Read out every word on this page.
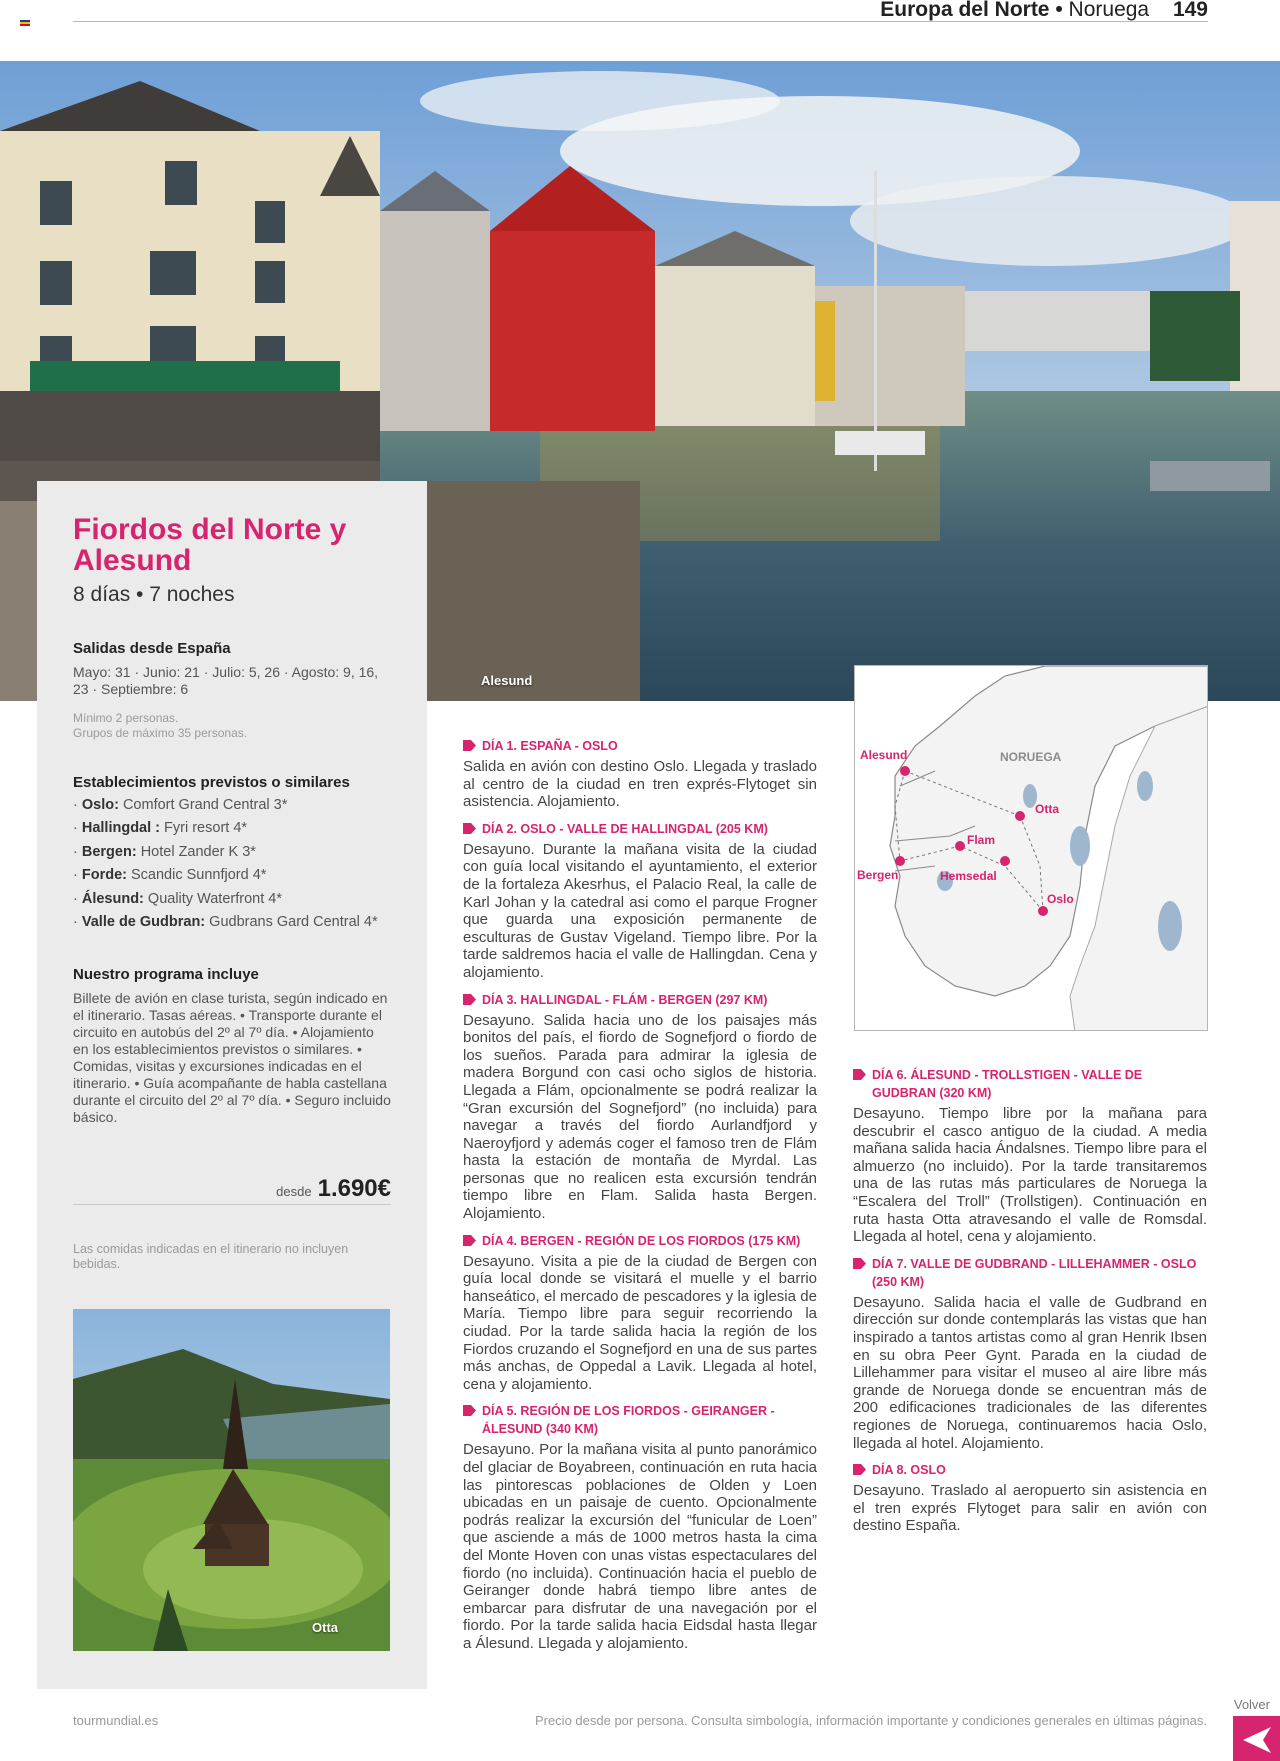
Europa del Norte • Noruega 149
Alesund
Fiordos del Norte y Alesund
8 días • 7 noches
Salidas desde España
Mayo: 31 · Junio: 21 · Julio: 5, 26 · Agosto: 9, 16, 23 · Septiembre: 6
Mínimo 2 personas.
Grupos de máximo 35 personas.
Establecimientos previstos o similares
· Oslo: Comfort Grand Central 3*
· Hallingdal : Fyri resort 4*
· Bergen: Hotel Zander K 3*
· Forde: Scandic Sunnfjord 4*
· Álesund: Quality Waterfront 4*
· Valle de Gudbran: Gudbrans Gard Central 4*
Nuestro programa incluye
Billete de avión en clase turista, según indicado en el itinerario. Tasas aéreas. • Transporte durante el circuito en autobús del 2º al 7º día. • Alojamiento en los establecimientos previstos o similares. • Comidas, visitas y excursiones indicadas en el itinerario. • Guía acompañante de habla castellana durante el circuito del 2º al 7º día. • Seguro incluido básico.
desde 1.690€
Las comidas indicadas en el itinerario no incluyen bebidas.
Otta
DÍA 1. ESPAÑA - OSLO
Salida en avión con destino Oslo. Llegada y traslado al centro de la ciudad en tren exprés-Flytoget sin asistencia. Alojamiento.
DÍA 2. OSLO - VALLE DE HALLINGDAL (205 KM)
Desayuno. Durante la mañana visita de la ciudad con guía local visitando el ayuntamiento, el exterior de la fortaleza Akesrhus, el Palacio Real, la calle de Karl Johan y la catedral asi como el parque Frogner que guarda una exposición permanente de esculturas de Gustav Vigeland. Tiempo libre. Por la tarde saldremos hacia el valle de Hallingdan. Cena y alojamiento.
DÍA 3. HALLINGDAL - FLÁM - BERGEN (297 KM)
Desayuno. Salida hacia uno de los paisajes más bonitos del país, el fiordo de Sognefjord o fiordo de los sueños. Parada para admirar la iglesia de madera Borgund con casi ocho siglos de historia. Llegada a Flám, opcionalmente se podrá realizar la “Gran excursión del Sognefjord” (no incluida) para navegar a través del fiordo Aurlandfjord y Naeroyfjord y además coger el famoso tren de Flám hasta la estación de montaña de Myrdal. Las personas que no realicen esta excursión tendrán tiempo libre en Flam. Salida hasta Bergen. Alojamiento.
DÍA 4. BERGEN - REGIÓN DE LOS FIORDOS (175 KM)
Desayuno. Visita a pie de la ciudad de Bergen con guía local donde se visitará el muelle y el barrio hanseático, el mercado de pescadores y la iglesia de María. Tiempo libre para seguir recorriendo la ciudad. Por la tarde salida hacia la región de los Fiordos cruzando el Sognefjord en una de sus partes más anchas, de Oppedal a Lavik. Llegada al hotel, cena y alojamiento.
DÍA 5. REGIÓN DE LOS FIORDOS - GEIRANGER - ÁLESUND (340 KM)
Desayuno. Por la mañana visita al punto panorámico del glaciar de Boyabreen, continuación en ruta hacia las pintorescas poblaciones de Olden y Loen ubicadas en un paisaje de cuento. Opcionalmente podrás realizar la excursión del “funicular de Loen” que asciende a más de 1000 metros hasta la cima del Monte Hoven con unas vistas espectaculares del fiordo (no incluida). Continuación hacia el pueblo de Geiranger donde habrá tiempo libre antes de embarcar para disfrutar de una navegación por el fiordo. Por la tarde salida hacia Eidsdal hasta llegar a Álesund. Llegada y alojamiento.
NORUEGA
Alesund
Otta
Flam
Bergen	Hemsedal
Oslo
DÍA 6. ÁLESUND - TROLLSTIGEN - VALLE DE GUDBRAN (320 KM)
Desayuno. Tiempo libre por la mañana para descubrir el casco antiguo de la ciudad. A media mañana salida hacia Ándalsnes. Tiempo libre para el almuerzo (no incluido). Por la tarde transitaremos una de las rutas más particulares de Noruega la “Escalera del Troll” (Trollstigen). Continuación en ruta hasta Otta atravesando el valle de Romsdal. Llegada al hotel, cena y alojamiento.
DÍA 7. VALLE DE GUDBRAND - LILLEHAMMER - OSLO (250 KM)
Desayuno. Salida hacia el valle de Gudbrand en dirección sur donde contemplarás las vistas que han inspirado a tantos artistas como al gran Henrik Ibsen en su obra Peer Gynt. Parada en la ciudad de Lillehammer para visitar el museo al aire libre más grande de Noruega donde se encuentran más de 200 edificaciones tradicionales de las diferentes regiones de Noruega, continuaremos hacia Oslo, llegada al hotel. Alojamiento.
DÍA 8. OSLO
Desayuno. Traslado al aeropuerto sin asistencia en el tren exprés Flytoget para salir en avión con destino España.
tourmundial.es	Precio desde por persona. Consulta simbología, información importante y condiciones generales en últimas páginas.
Volver
